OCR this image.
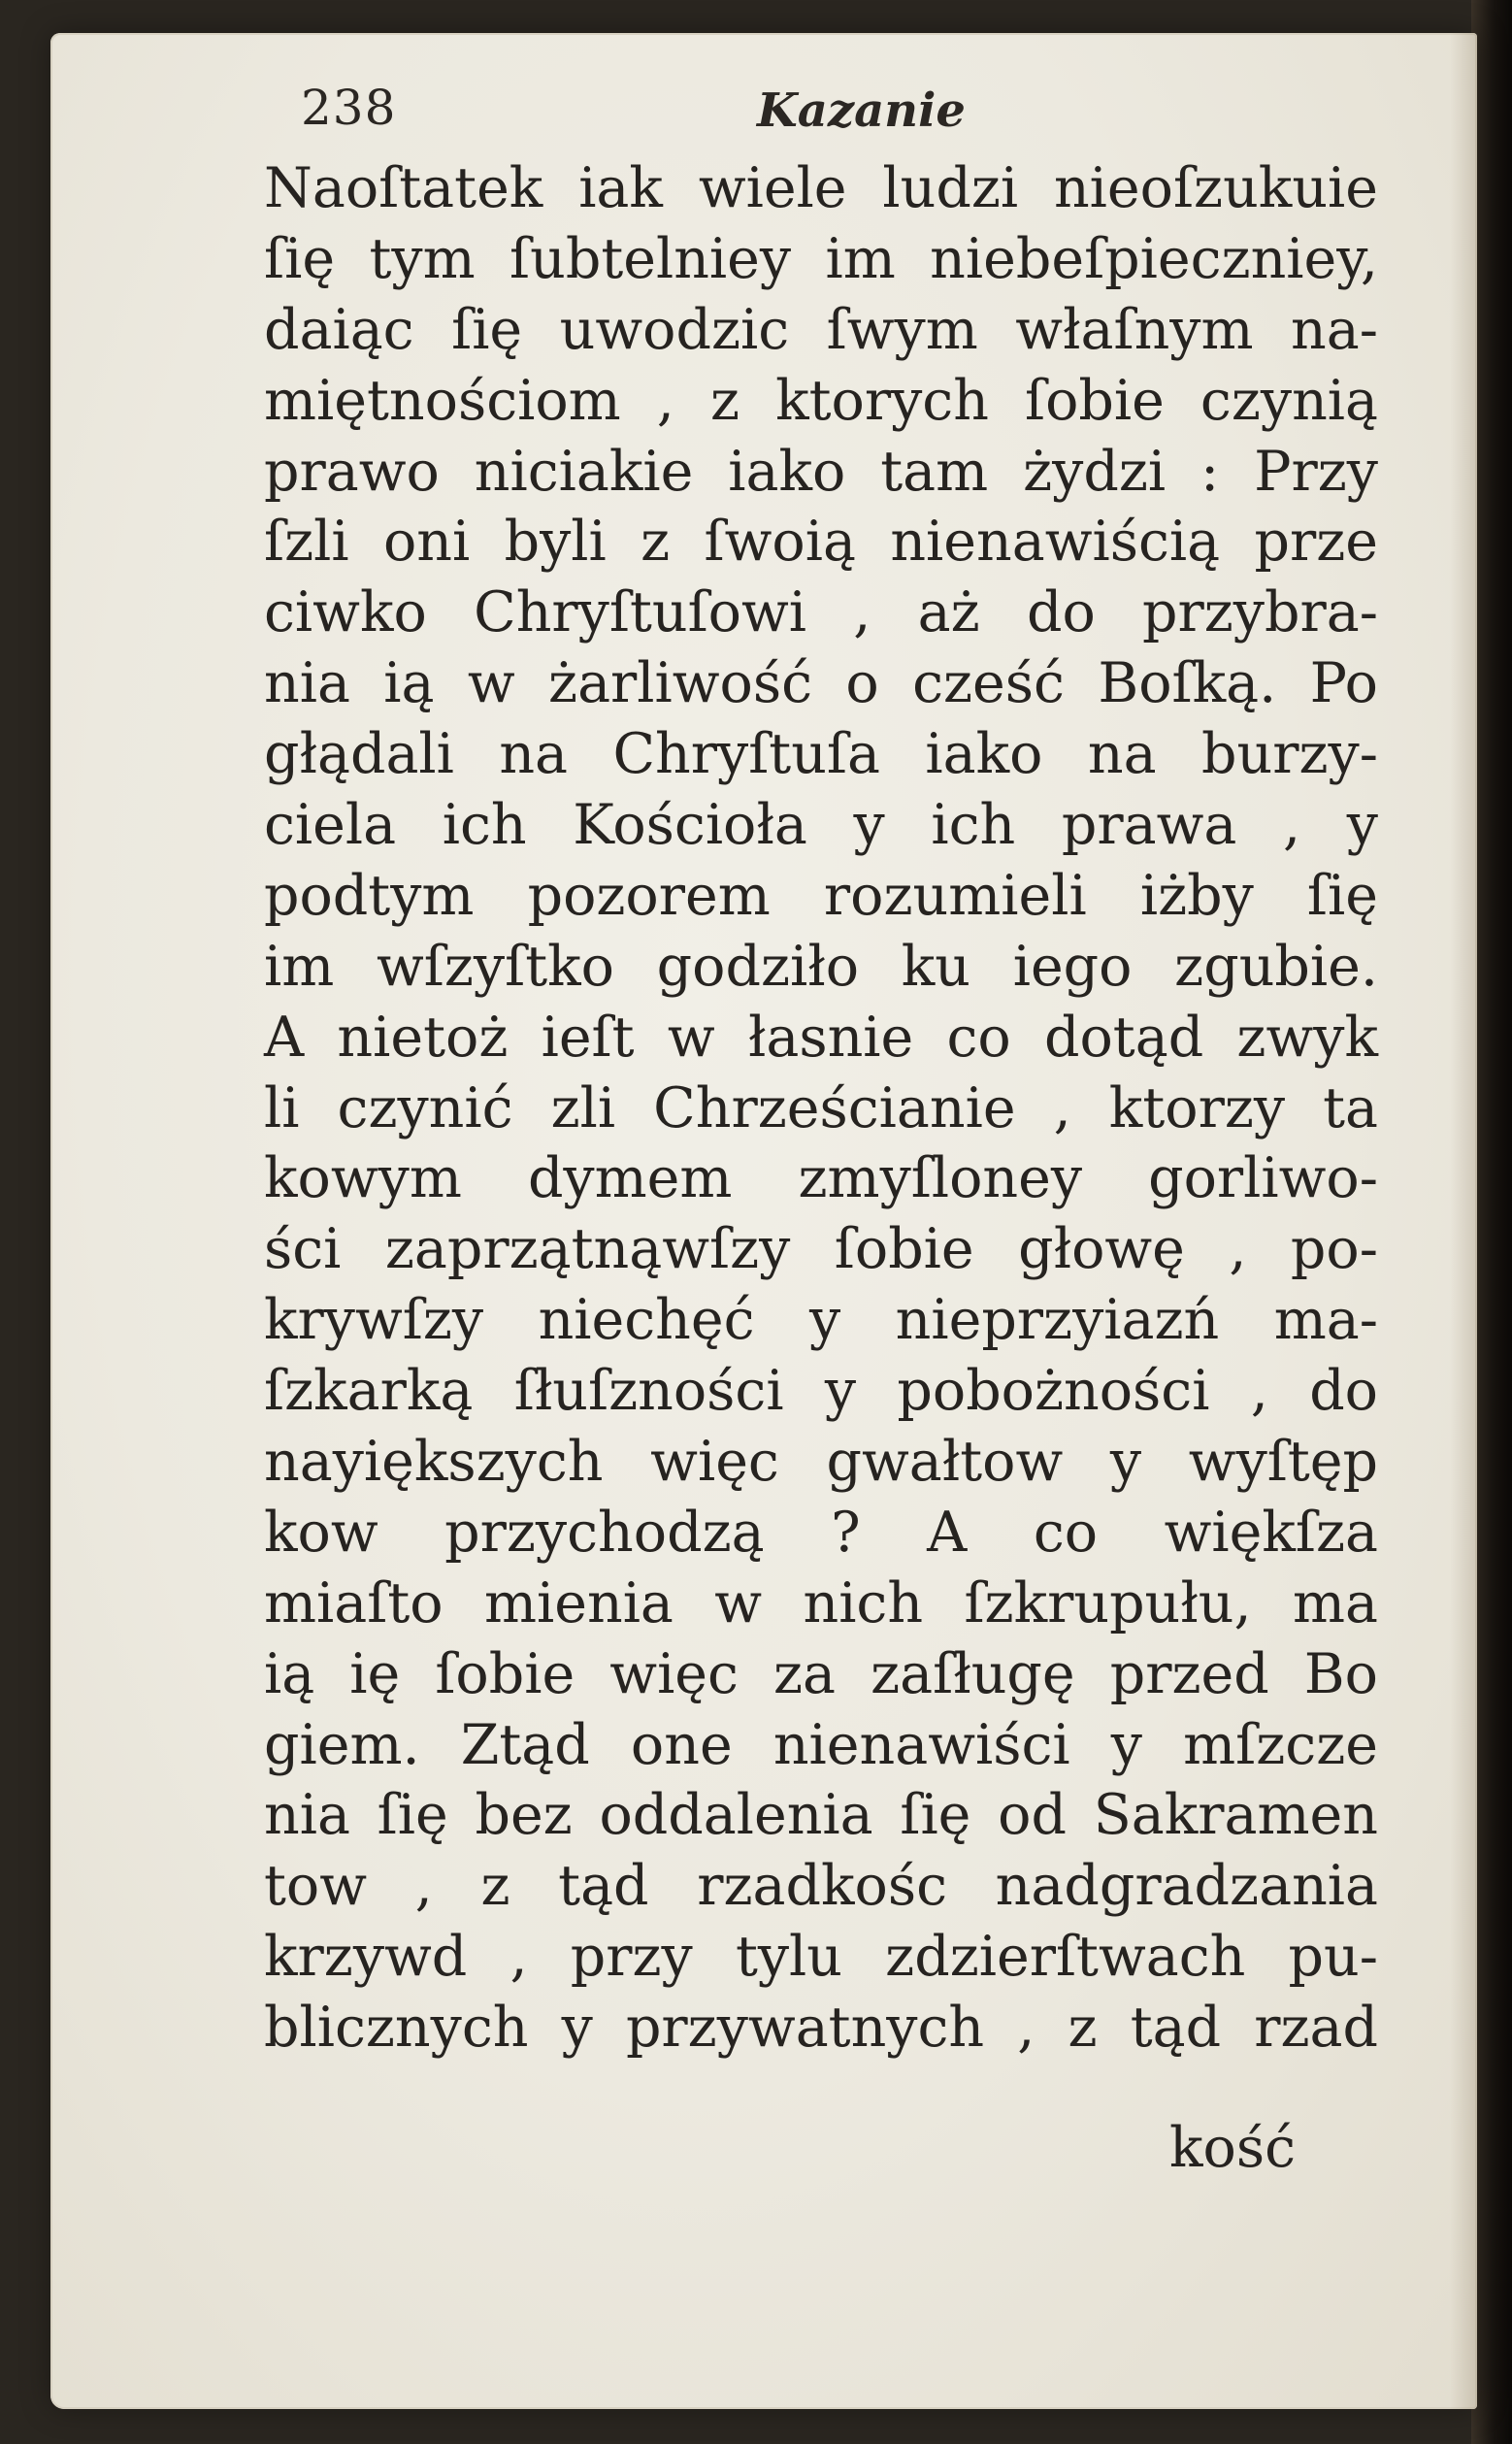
238	Kazanie
Naoſtatek iak wiele ludzi nieoſzukuie
ſię tym ſubtelniey im niebeſpieczniey,
daiąc ſię uwodzic ſwym właſnym na-
miętnościom , z ktorych ſobie czynią
prawo niciakie iako tam żydzi : Przy
ſzli oni byli z ſwoią nienawiścią prze
ciwko Chryſtuſowi , aż do przybra-
nia ią w żarliwość o cześć Boſką. Po
głądali na Chryſtuſa iako na burzy-
ciela ich Kościoła y ich prawa , y
podtym pozorem rozumieli iżby ſię
im wſzyſtko godziło ku iego zgubie.
A nietoż ieſt w łasnie co dotąd zwyk
li czynić zli Chrześcianie , ktorzy ta
kowym dymem zmyſloney gorliwo-
ści zaprzątnąwſzy ſobie głowę , po-
krywſzy niechęć y nieprzyiazń ma-
ſzkarką ſłuſzności y pobożności , do
nayiększych więc gwałtow y wyſtęp
kow przychodzą ? A co więkſza
miaſto mienia w nich ſzkrupułu, ma
ią ię ſobie więc za zaſługę przed Bo
giem. Ztąd one nienawiści y mſzcze
nia ſię bez oddalenia ſię od Sakramen
tow , z tąd rzadkośc nadgradzania
krzywd , przy tylu zdzierſtwach pu-
blicznych y przywatnych , z tąd rzad
kość
